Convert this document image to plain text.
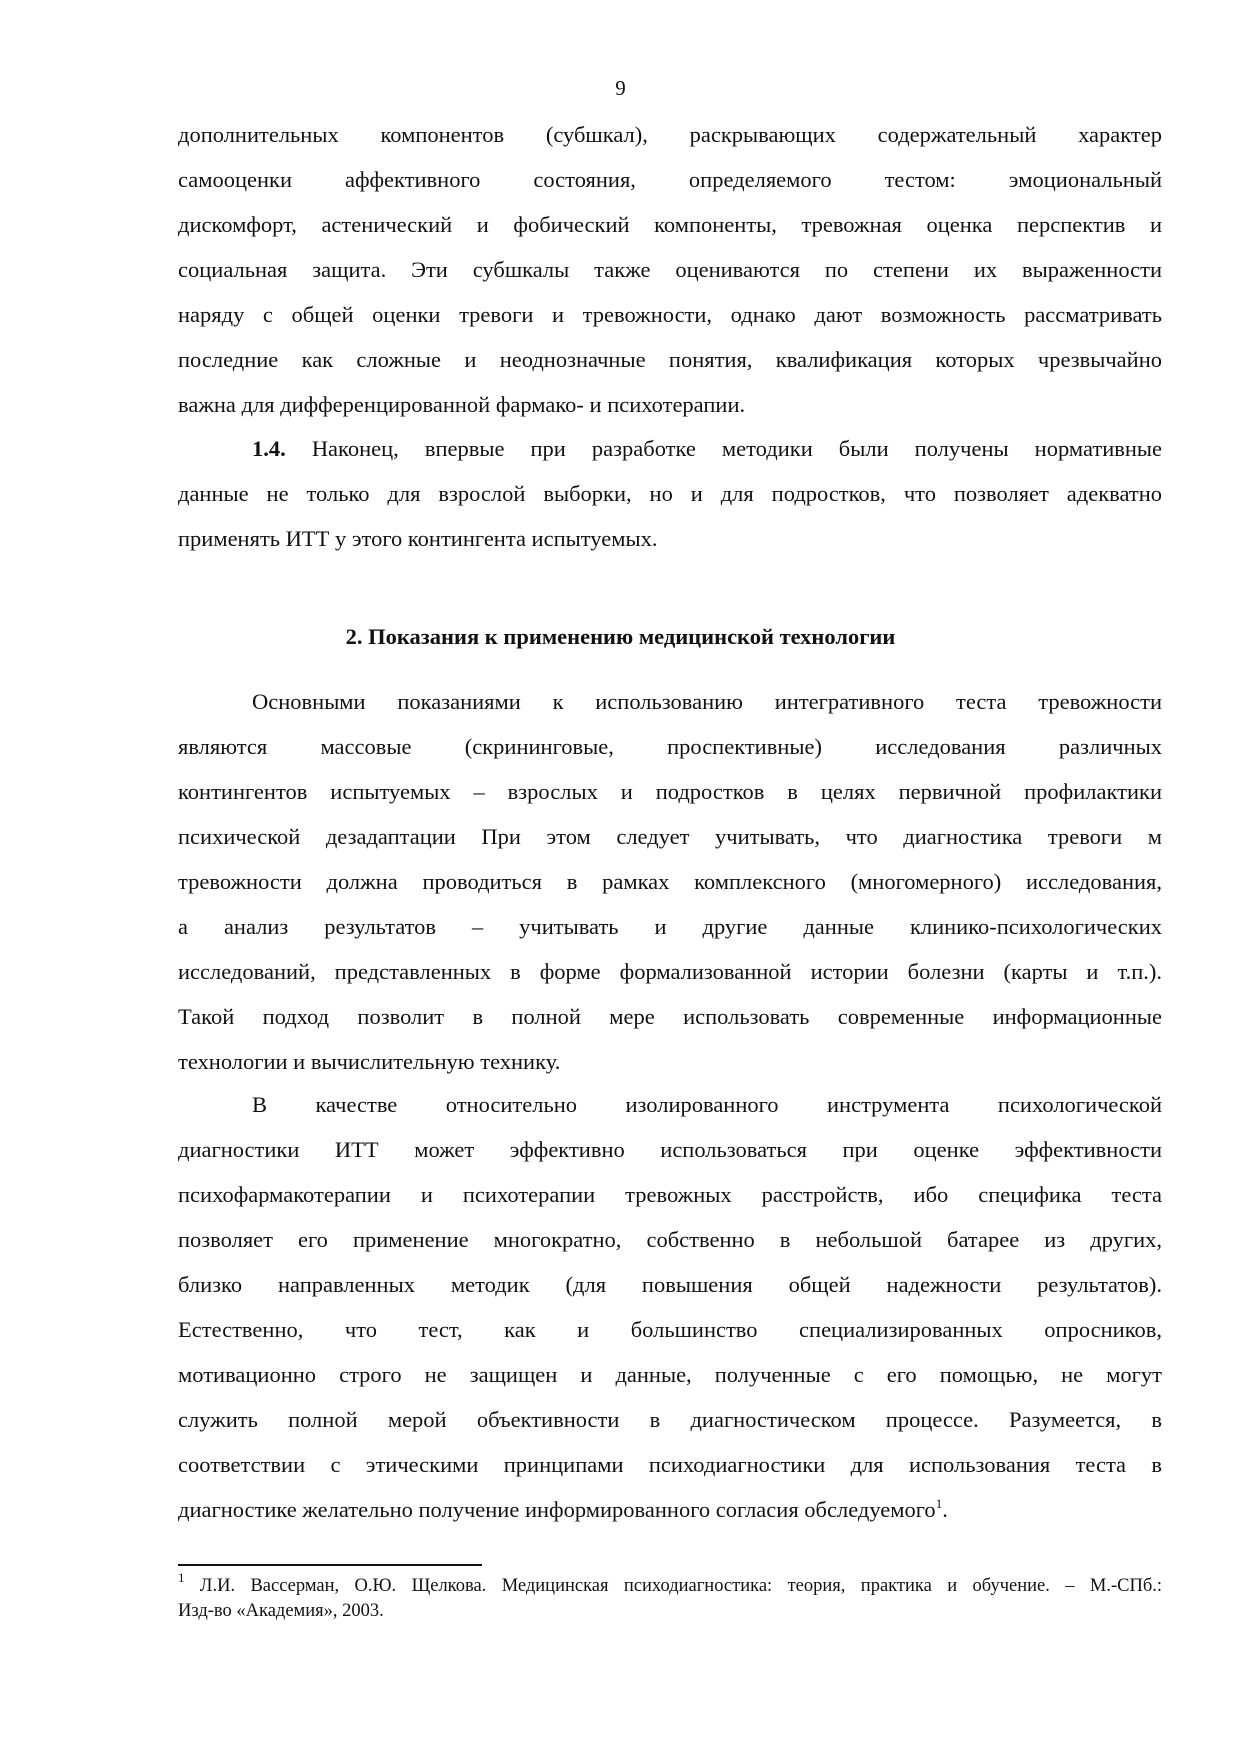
9
дополнительных компонентов (субшкал), раскрывающих содержательный характер
самооценки аффективного состояния, определяемого тестом: эмоциональный
дискомфорт, астенический и фобический компоненты, тревожная оценка перспектив и
социальная защита. Эти субшкалы также оцениваются по степени их выраженности
наряду с общей оценки тревоги и тревожности, однако дают возможность рассматривать
последние как сложные и неоднозначные понятия, квалификация которых чрезвычайно
важна для дифференцированной фармако- и психотерапии.
1.4. Наконец, впервые при разработке методики были получены нормативные
данные не только для взрослой выборки, но и для подростков, что позволяет адекватно
применять ИТТ у этого контингента испытуемых.
2. Показания к применению медицинской технологии
Основными показаниями к использованию интегративного теста тревожности
являются массовые (скрининговые, проспективные) исследования различных
контингентов испытуемых – взрослых и подростков в целях первичной профилактики
психической дезадаптации При этом следует учитывать, что диагностика тревоги м
тревожности должна проводиться в рамках комплексного (многомерного) исследования,
а анализ результатов – учитывать и другие данные клинико-психологических
исследований, представленных в форме формализованной истории болезни (карты и т.п.).
Такой подход позволит в полной мере использовать современные информационные
технологии и вычислительную технику.
В качестве относительно изолированного инструмента психологической
диагностики ИТТ может эффективно использоваться при оценке эффективности
психофармакотерапии и психотерапии тревожных расстройств, ибо специфика теста
позволяет его применение многократно, собственно в небольшой батарее из других,
близко направленных методик (для повышения общей надежности результатов).
Естественно, что тест, как и большинство специализированных опросников,
мотивационно строго не защищен и данные, полученные с его помощью, не могут
служить полной мерой объективности в диагностическом процессе. Разумеется, в
соответствии с этическими принципами психодиагностики для использования теста в
диагностике желательно получение информированного согласия обследуемого$^1$.
$^1$ Л.И. Вассерман, О.Ю. Щелкова. Медицинская психодиагностика: теория, практика и обучение. – М.-СПб.:
Изд-во «Академия», 2003.
